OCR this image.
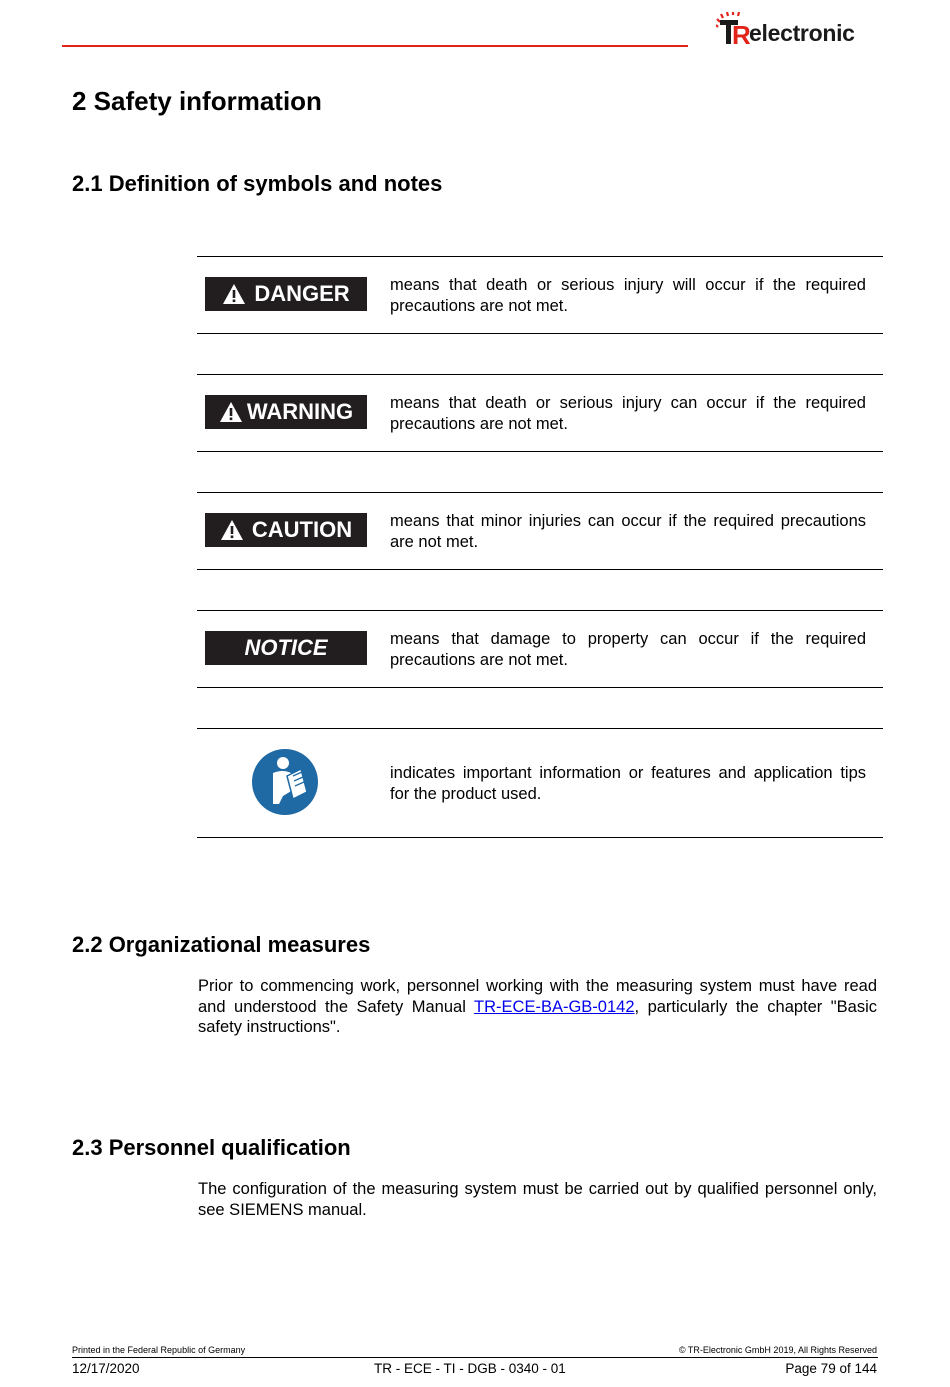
R
electronic
2 Safety information
2.1 Definition of symbols and notes
DANGER means that death or serious injury will occur if the required precautions are not met.
WARNING means that death or serious injury can occur if the required precautions are not met.
CAUTION means that minor injuries can occur if the required precautions are not met.
NOTICE	means that damage to property can occur if the required precautions are not met.
indicates important information or features and application tips for the product used.
2.2 Organizational measures

Prior to commencing work, personnel working with the measuring system must have read and understood the Safety Manual TR-ECE-BA-GB-0142, particularly the chapter "Basic safety instructions".

2.3 Personnel qualification

The configuration of the measuring system must be carried out by qualified personnel only, see SIEMENS manual.

Printed in the Federal Republic of Germany	© TR-Electronic GmbH 2019, All Rights Reserved
12/17/2020	TR - ECE - TI - DGB - 0340 - 01	Page 79 of 144
